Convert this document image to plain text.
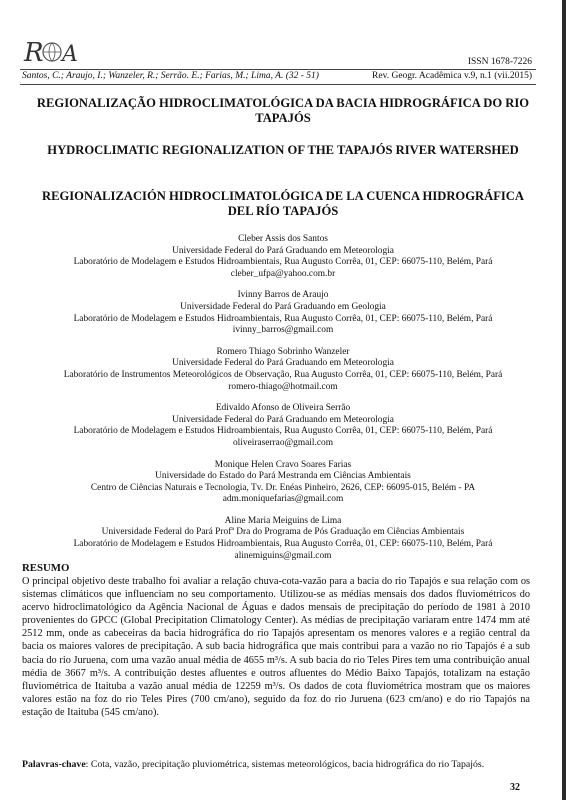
R A	ISSN 1678-7226
Santos, C.; Araujo, I.; Wanzeler, R.; Serrão. E.; Farias, M.; Lima, A. (32 - 51)	Rev. Geogr. Acadêmica v.9, n.1 (vii.2015)
REGIONALIZAÇÃO HIDROCLIMATOLÓGICA DA BACIA HIDROGRÁFICA DO RIO TAPAJÓS
HYDROCLIMATIC REGIONALIZATION OF THE TAPAJÓS RIVER WATERSHED
REGIONALIZACIÓN HIDROCLIMATOLÓGICA DE LA CUENCA HIDROGRÁFICA DEL RÍO TAPAJÓS
Cleber Assis dos Santos
Universidade Federal do Pará Graduando em Meteorologia
Laboratório de Modelagem e Estudos Hidroambientais, Rua Augusto Corrêa, 01, CEP: 66075-110, Belém, Pará
cleber_ufpa@yahoo.com.br
Ivinny Barros de Araujo
Universidade Federal do Pará Graduando em Geologia
Laboratório de Modelagem e Estudos Hidroambientais, Rua Augusto Corrêa, 01, CEP: 66075-110, Belém, Pará
ivinny_barros@gmail.com
Romero Thiago Sobrinho Wanzeler
Universidade Federal do Pará Graduando em Meteorologia
Laboratório de Instrumentos Meteorológicos de Observação, Rua Augusto Corrêa, 01, CEP: 66075-110, Belém, Pará
romero-thiago@hotmail.com
Edivaldo Afonso de Oliveira Serrão
Universidade Federal do Pará Graduando em Meteorologia
Laboratório de Modelagem e Estudos Hidroambientais, Rua Augusto Corrêa, 01, CEP: 66075-110, Belém, Pará
oliveiraserrao@gmail.com
Monique Helen Cravo Soares Farias
Universidade do Estado do Pará Mestranda em Ciências Ambientais
Centro de Ciências Naturais e Tecnologia, Tv. Dr. Enéas Pinheiro, 2626, CEP: 66095-015, Belém - PA
adm.moniquefarias@gmail.com
Aline Maria Meiguins de Lima
Universidade Federal do Pará Profª Dra do Programa de Pós Graduação em Ciências Ambientais
Laboratório de Modelagem e Estudos Hidroambientais, Rua Augusto Corrêa, 01, CEP: 66075-110, Belém, Pará
alinemiguins@gmail.com
RESUMO
O principal objetivo deste trabalho foi avaliar a relação chuva-cota-vazão para a bacia do rio Tapajós e sua relação com os sistemas climáticos que influenciam no seu comportamento. Utilizou-se as médias mensais dos dados fluviométricos do acervo hidroclimatológico da Agência Nacional de Águas e dados mensais de precipitação do período de 1981 à 2010 provenientes do GPCC (Global Precipitation Climatology Center). As médias de precipitação variaram entre 1474 mm até 2512 mm, onde as cabeceiras da bacia hidrográfica do rio Tapajós apresentam os menores valores e a região central da bacia os maiores valores de precipitação. A sub bacia hidrográfica que mais contribui para a vazão no rio Tapajós é a sub bacia do rio Juruena, com uma vazão anual média de 4655 m³/s. A sub bacia do rio Teles Pires tem uma contribuição anual média de 3667 m³/s. A contribuição destes afluentes e outros afluentes do Médio Baixo Tapajós, totalizam na estação fluviométrica de Itaituba a vazão anual média de 12259 m³/s. Os dados de cota fluviométrica mostram que os maiores valores estão na foz do rio Teles Pires (700 cm/ano), seguido da foz do rio Juruena (623 cm/ano) e do rio Tapajós na estação de Itaituba (545 cm/ano).
Palavras-chave: Cota, vazão, precipitação pluviométrica, sistemas meteorológicos, bacia hidrográfica do rio Tapajós.
32
